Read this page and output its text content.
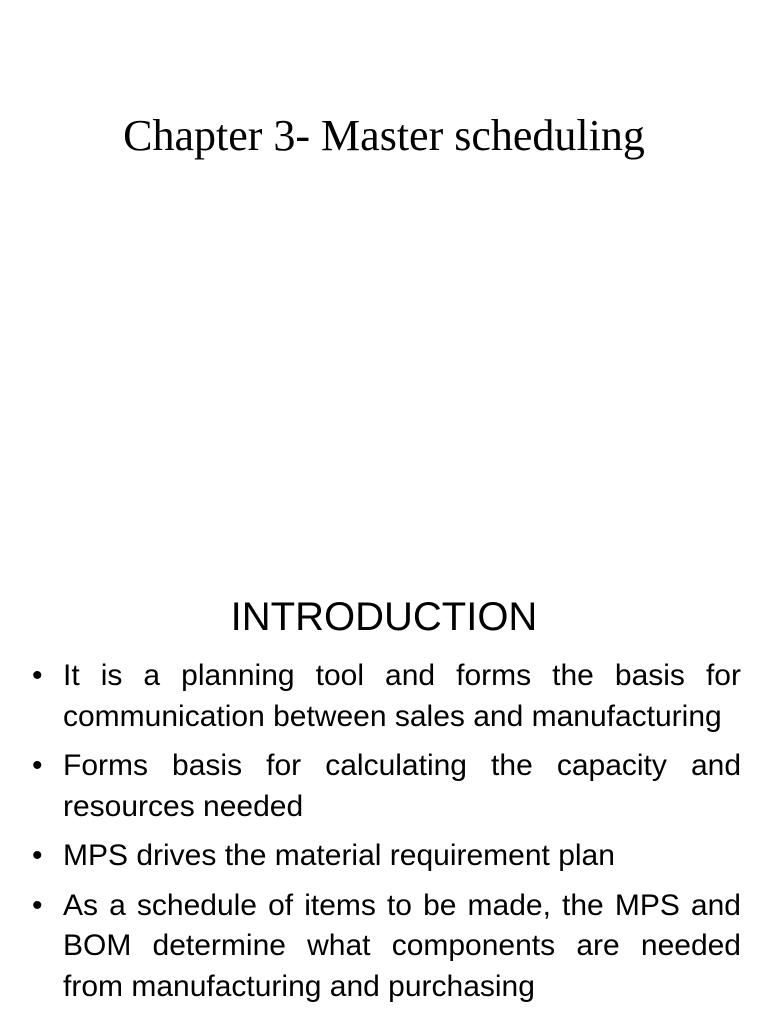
Chapter 3- Master scheduling
INTRODUCTION
• It is a planning tool and forms the basis for communication between sales and manufacturing
• Forms basis for calculating the capacity and resources needed
• MPS drives the material requirement plan
• As a schedule of items to be made, the MPS and BOM determine what components are needed from manufacturing and purchasing
